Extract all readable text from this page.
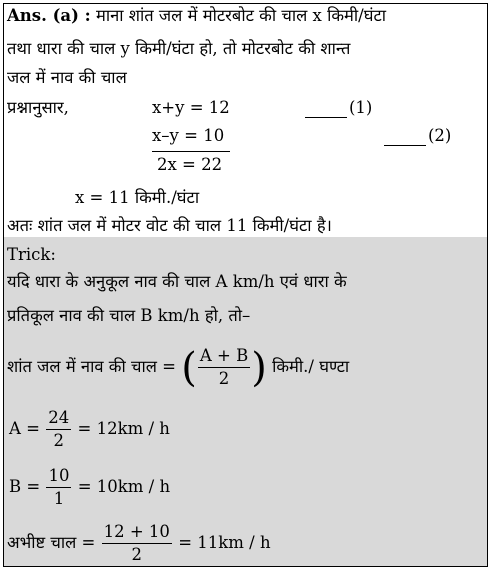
Ans. (a) : माना शांत जल में मोटरबोट की चाल x किमी/घंटा
तथा धारा की चाल y किमी/घंटा हो, तो मोटरबोट की शान्त
जल में नाव की चाल
प्रश्नानुसार,	x+y = 12	(1)
x–y = 10	(2)
2x = 22
x = 11 किमी./घंटा
अतः शांत जल में मोटर वोट की चाल 11 किमी/घंटा है।
Trick:
यदि धारा के अनुकूल नाव की चाल A km/h एवं धारा के
प्रतिकूल नाव की चाल B km/h हो, तो–
शांत जल में नाव की चाल = ( $\frac{A + B}{2}$ ) किमी./ घण्टा
$A = \frac{24}{2} = 12km / h$
$B = \frac{10}{1} = 10km / h$
अभीष्ट चाल = $\frac{12 + 10}{2} = 11km / h$
